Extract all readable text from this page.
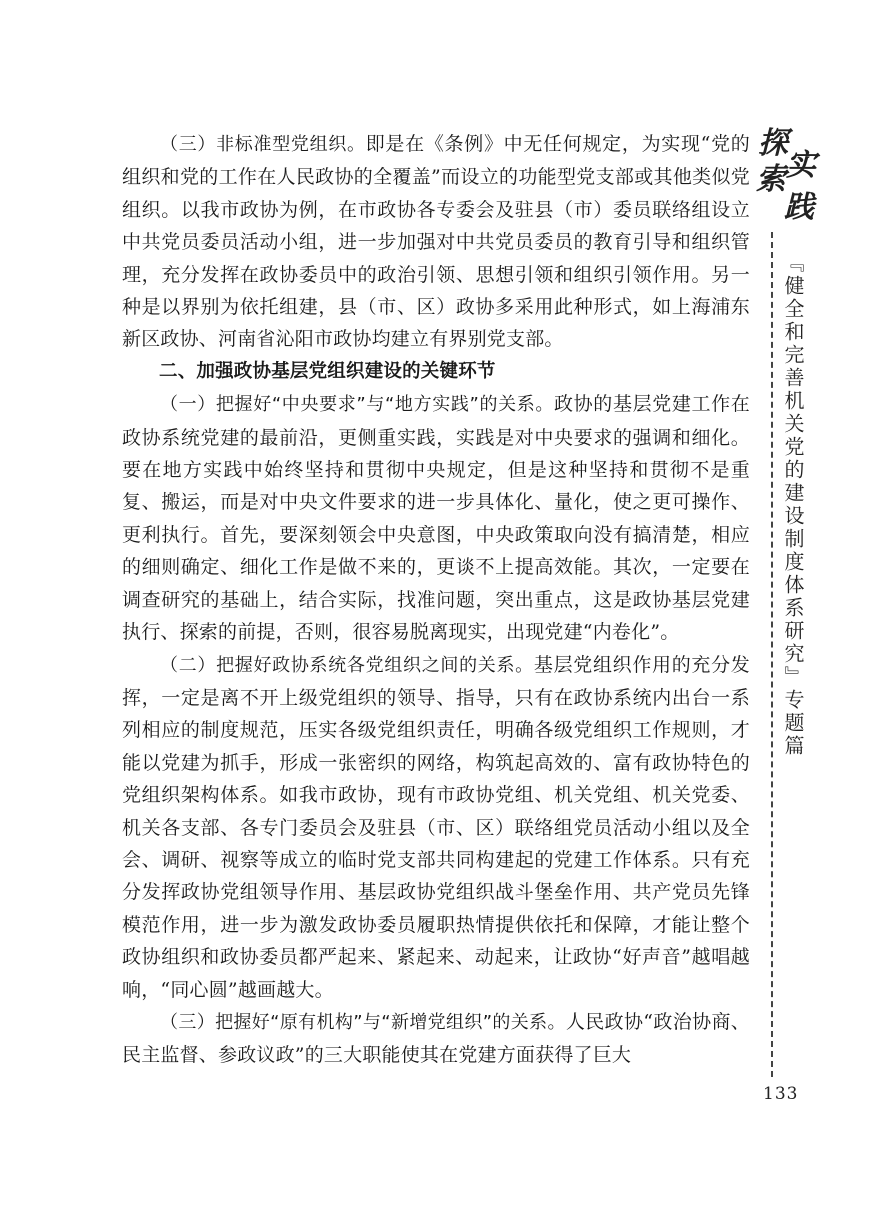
（三）非标准型党组织。即是在《条例》中无任何规定，为实现“党的组织和党的工作在人民政协的全覆盖”而设立的功能型党支部或其他类似党组织。以我市政协为例，在市政协各专委会及驻县（市）委员联络组设立中共党员委员活动小组，进一步加强对中共党员委员的教育引导和组织管理，充分发挥在政协委员中的政治引领、思想引领和组织引领作用。另一种是以界别为依托组建，县（市、区）政协多采用此种形式，如上海浦东新区政协、河南省沁阳市政协均建立有界别党支部。

二、加强政协基层党组织建设的关键环节

（一）把握好“中央要求”与“地方实践”的关系。政协的基层党建工作在政协系统党建的最前沿，更侧重实践，实践是对中央要求的强调和细化。要在地方实践中始终坚持和贯彻中央规定，但是这种坚持和贯彻不是重复、搬运，而是对中央文件要求的进一步具体化、量化，使之更可操作、更利执行。首先，要深刻领会中央意图，中央政策取向没有搞清楚，相应的细则确定、细化工作是做不来的，更谈不上提高效能。其次，一定要在调查研究的基础上，结合实际，找准问题，突出重点，这是政协基层党建执行、探索的前提，否则，很容易脱离现实，出现党建“内卷化”。

（二）把握好政协系统各党组织之间的关系。基层党组织作用的充分发挥，一定是离不开上级党组织的领导、指导，只有在政协系统内出台一系列相应的制度规范，压实各级党组织责任，明确各级党组织工作规则，才能以党建为抓手，形成一张密织的网络，构筑起高效的、富有政协特色的党组织架构体系。如我市政协，现有市政协党组、机关党组、机关党委、机关各支部、各专门委员会及驻县（市、区）联络组党员活动小组以及全会、调研、视察等成立的临时党支部共同构建起的党建工作体系。只有充分发挥政协党组领导作用、基层政协党组织战斗堡垒作用、共产党员先锋模范作用，进一步为激发政协委员履职热情提供依托和保障，才能让整个政协组织和政协委员都严起来、紧起来、动起来，让政协“好声音”越唱越响，“同心圆”越画越大。

（三）把握好“原有机构”与“新增党组织”的关系。人民政协“政治协商、民主监督、参政议政”的三大职能使其在党建方面获得了巨大

探
索 实
践
『健全和完善机关党的建设制度体系研究』专题篇
133
